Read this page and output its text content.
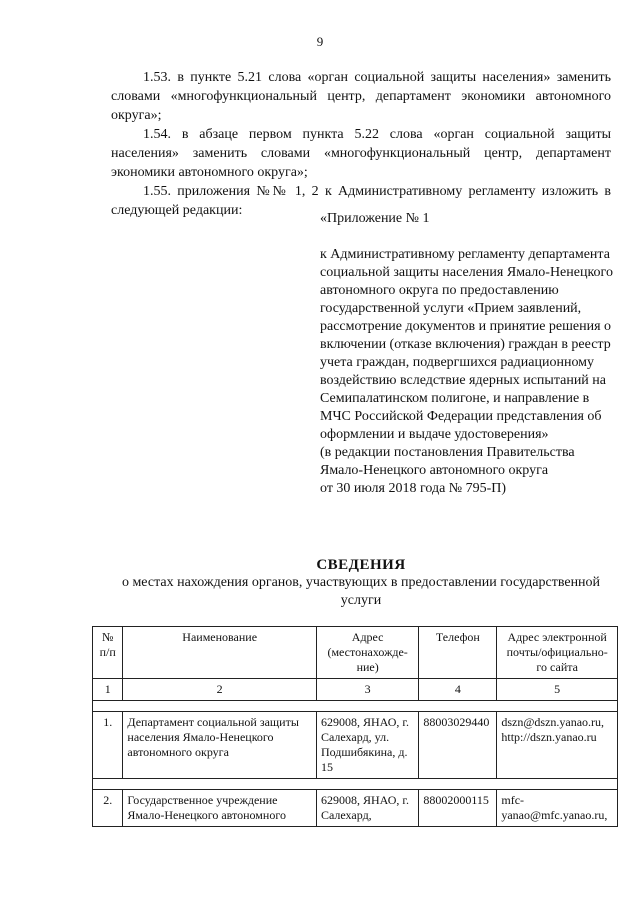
9

1.53. в пункте 5.21 слова «орган социальной защиты населения» заменить словами «многофункциональный центр, департамент экономики автономного округа»;

1.54. в абзаце первом пункта 5.22 слова «орган социальной защиты населения» заменить словами «многофункциональный центр, департамент экономики автономного округа»;

1.55. приложения №№ 1, 2 к Административному регламенту изложить в следующей редакции:

«Приложение № 1

к Административному регламенту департамента социальной защиты населения Ямало-Ненецкого автономного округа по предоставлению государственной услуги «Прием заявлений, рассмотрение документов и принятие решения о включении (отказе включения) граждан в реестр учета граждан, подвергшихся радиационному воздействию вследствие ядерных испытаний на Семипалатинском полигоне, и направление в МЧС Российской Федерации представления об оформлении и выдаче удостоверения»

(в редакции постановления Правительства

Ямало-Ненецкого автономного округа

от 30 июля 2018 года № 795-П)

СВЕДЕНИЯ
о местах нахождения органов, участвующих в предоставлении государственной услуги
№ п/п	Наименование	Адрес (местонахожде-ние)	Телефон	Адрес электронной почты/официально-го сайта
1	2	3	4	5

1.	Департамент социальной защиты населения Ямало-Ненецкого автономного округа	629008, ЯНАО, г. Салехард, ул. Подшибякина, д. 15	88003029440	dszn@dszn.yanao.ru, http://dszn.yanao.ru

2.	Государственное учреждение Ямало-Ненецкого автономного	629008, ЯНАО, г. Салехард,	88002000115	mfc-yanao@mfc.yanao.ru,
